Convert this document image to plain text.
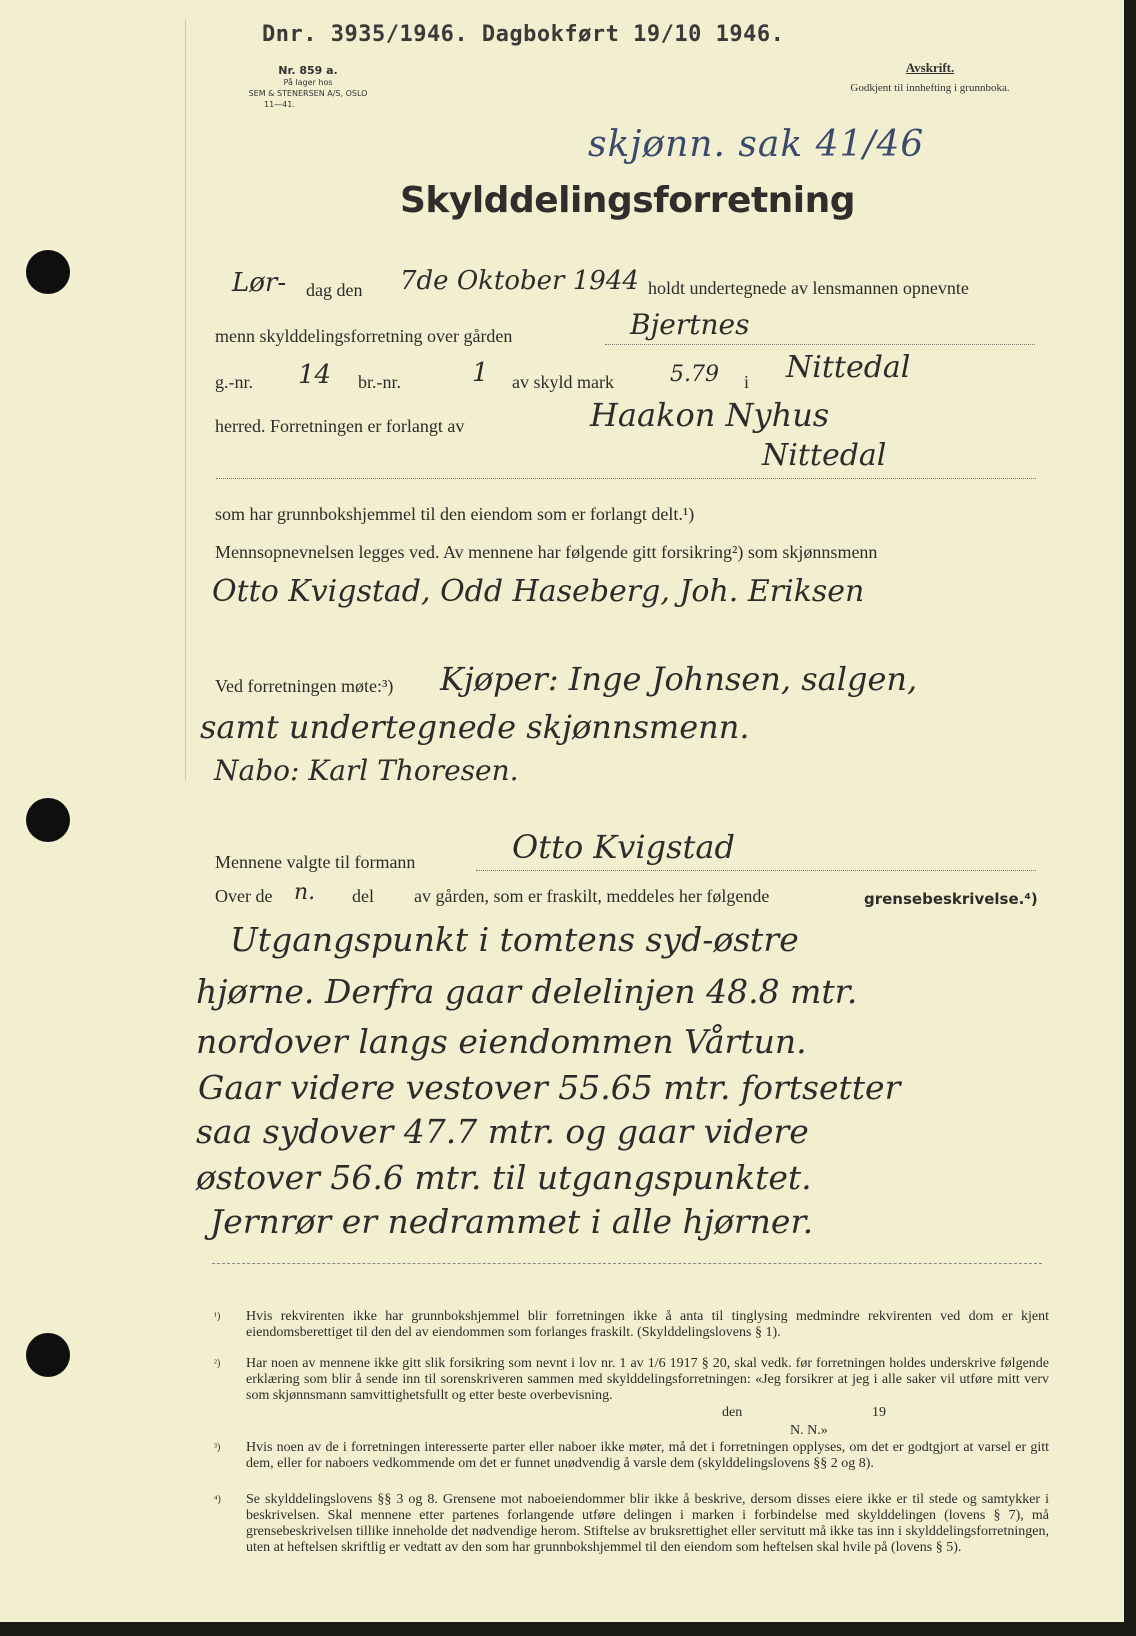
Dnr. 3935/1946. Dagbokført 19/10 1946.
Nr. 859 a.
På lager hos
SEM & STENERSEN A/S, OSLO
11—41.
Avskrift.
Godkjent til innhefting i grunnboka.
skjønn. sak 41/46
Skylddelingsforretning
Lør- dag den 7de Oktober 1944 holdt undertegnede av lensmannen opnevnte
menn skylddelingsforretning over gården	Bjertnes
g.-nr. 14 br.-nr.	1 av skyld mark	5.79 i Nittedal
herred. Forretningen er forlangt av	Haakon Nyhus
Nittedal
som har grunnbokshjemmel til den eiendom som er forlangt delt.¹)
Mennsopnevnelsen legges ved. Av mennene har følgende gitt forsikring²) som skjønnsmenn
Otto Kvigstad, Odd Haseberg, Joh. Eriksen
Ved forretningen møte:³) Kjøper: Inge Johnsen, salgen,
samt undertegnede skjønnsmenn.
Nabo: Karl Thoresen.
Mennene valgte til formann	Otto Kvigstad
Over de n. del av gården, som er fraskilt, meddeles her følgende	grensebeskrivelse.⁴)
Utgangspunkt i tomtens syd-østre
hjørne. Derfra gaar delelinjen 48.8 mtr.
nordover langs eiendommen Vårtun.
Gaar videre vestover 55.65 mtr. fortsetter
saa sydover 47.7 mtr. og gaar videre
østover 56.6 mtr. til utgangspunktet.
Jernrør er nedrammet i alle hjørner.
¹) Hvis rekvirenten ikke har grunnbokshjemmel blir forretningen ikke å anta til tinglysing medmindre rekvirenten ved dom er kjent eiendomsberettiget til den del av eiendommen som forlanges fraskilt. (Skylddelingslovens § 1).
²) Har noen av mennene ikke gitt slik forsikring som nevnt i lov nr. 1 av 1/6 1917 § 20, skal vedk. før forretningen holdes underskrive følgende erklæring som blir å sende inn til sorenskriveren sammen med skylddelingsforretningen: «Jeg forsikrer at jeg i alle saker vil utføre mitt verv som skjønnsmann samvittighetsfullt og etter beste overbevisning.
den	19
N. N.»
³) Hvis noen av de i forretningen interesserte parter eller naboer ikke møter, må det i forretningen opplyses, om det er godtgjort at varsel er gitt dem, eller for naboers vedkommende om det er funnet unødvendig å varsle dem (skylddelingslovens §§ 2 og 8).
⁴) Se skylddelingslovens §§ 3 og 8. Grensene mot naboeiendommer blir ikke å beskrive, dersom disses eiere ikke er til stede og samtykker i beskrivelsen. Skal mennene etter partenes forlangende utføre delingen i marken i forbindelse med skylddelingen (lovens § 7), må grensebeskrivelsen tillike inneholde det nødvendige herom. Stiftelse av bruksrettighet eller servitutt må ikke tas inn i skylddelingsforretningen, uten at heftelsen skriftlig er vedtatt av den som har grunnbokshjemmel til den eiendom som heftelsen skal hvile på (lovens § 5).
